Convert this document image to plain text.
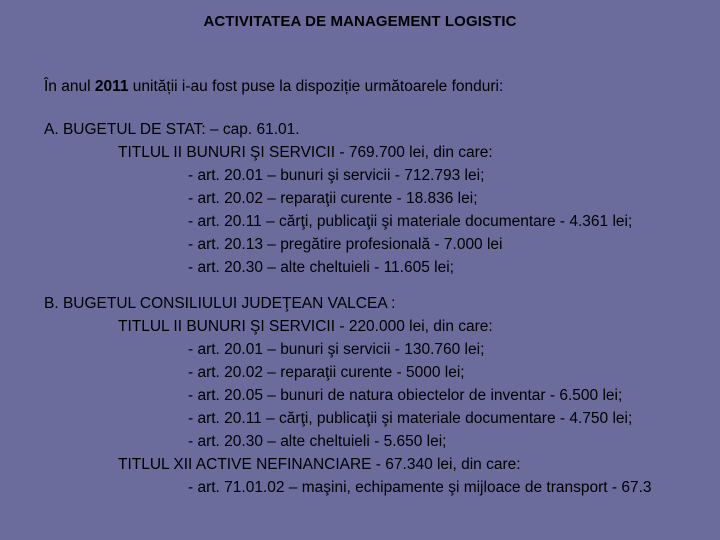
ACTIVITATEA DE MANAGEMENT LOGISTIC
În anul 2011 unității i-au fost puse la dispoziție următoarele fonduri:
A. BUGETUL DE STAT: – cap. 61.01.
TITLUL II BUNURI ŞI SERVICII - 769.700 lei, din care:
- art. 20.01 – bunuri şi servicii - 712.793 lei;
- art. 20.02 – reparaţii curente - 18.836 lei;
- art. 20.11 – cărţi, publicaţii şi materiale documentare - 4.361 lei;
- art. 20.13 – pregătire profesională - 7.000 lei
- art. 20.30 – alte cheltuieli - 11.605 lei;
B. BUGETUL CONSILIULUI JUDEŢEAN VALCEA :
TITLUL II BUNURI ŞI SERVICII - 220.000 lei, din care:
- art. 20.01 – bunuri şi servicii - 130.760 lei;
- art. 20.02 – reparaţii curente - 5000 lei;
- art. 20.05 – bunuri de natura obiectelor de inventar - 6.500 lei;
- art. 20.11 – cărţi, publicaţii şi materiale documentare - 4.750 lei;
- art. 20.30 – alte cheltuieli - 5.650 lei;
TITLUL XII ACTIVE NEFINANCIARE - 67.340 lei, din care:
- art. 71.01.02 – maşini, echipamente şi mijloace de transport - 67.3
